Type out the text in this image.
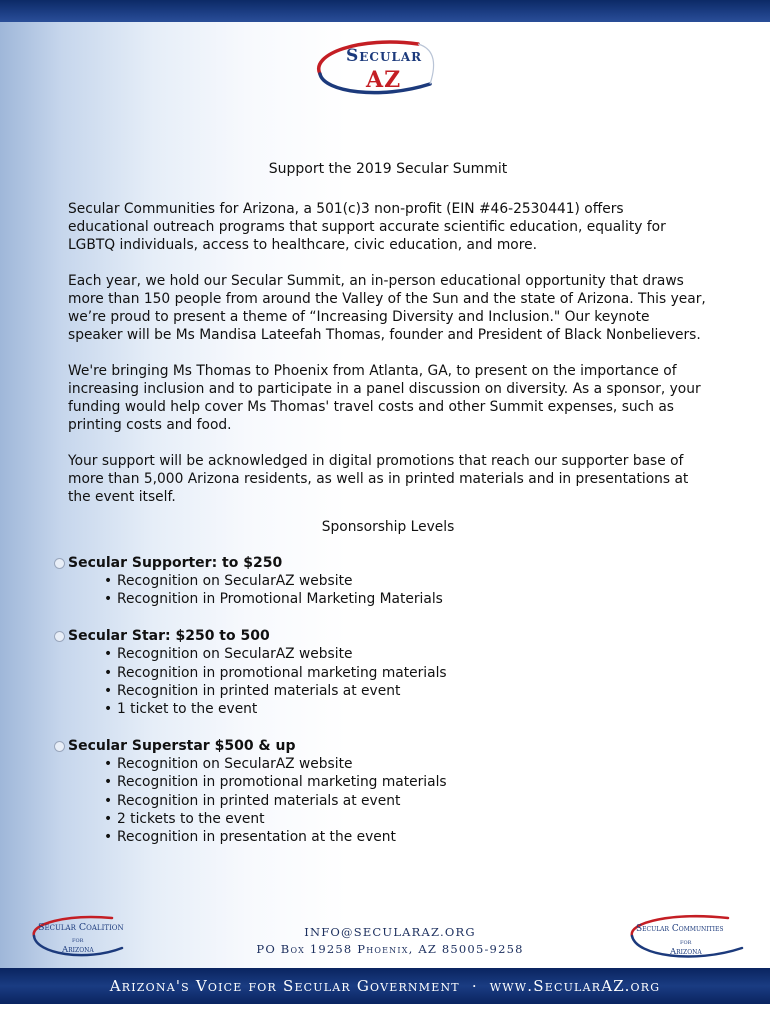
Secular
AZ
Support the 2019 Secular Summit

Secular Communities for Arizona, a 501(c)3 non-profit (EIN #46-2530441) offers educational outreach programs that support accurate scientific education, equality for LGBTQ individuals, access to healthcare, civic education, and more.

Each year, we hold our Secular Summit, an in-person educational opportunity that draws more than 150 people from around the Valley of the Sun and the state of Arizona. This year, we’re proud to present a theme of “Increasing Diversity and Inclusion." Our keynote speaker will be Ms Mandisa Lateefah Thomas, founder and President of Black Nonbelievers.

We're bringing Ms Thomas to Phoenix from Atlanta, GA, to present on the importance of increasing inclusion and to participate in a panel discussion on diversity. As a sponsor, your funding would help cover Ms Thomas' travel costs and other Summit expenses, such as printing costs and food.

Your support will be acknowledged in digital promotions that reach our supporter base of more than 5,000 Arizona residents, as well as in printed materials and in presentations at the event itself.

Sponsorship Levels
Secular Supporter: to $250
• Recognition on SecularAZ website
• Recognition in Promotional Marketing Materials
Secular Star: $250 to 500
• Recognition on SecularAZ website
• Recognition in promotional marketing materials
• Recognition in printed materials at event
• 1 ticket to the event
Secular Superstar $500 & up
• Recognition on SecularAZ website
• Recognition in promotional marketing materials
• Recognition in printed materials at event
• 2 tickets to the event
• Recognition in presentation at the event
Secular Coalition
for
Arizona
INFO@SECULARAZ.ORG
PO Box 19258 Phoenix, AZ 85005-9258
Secular Communities
for
Arizona
Arizona's Voice for Secular Government · www.SecularAZ.org
